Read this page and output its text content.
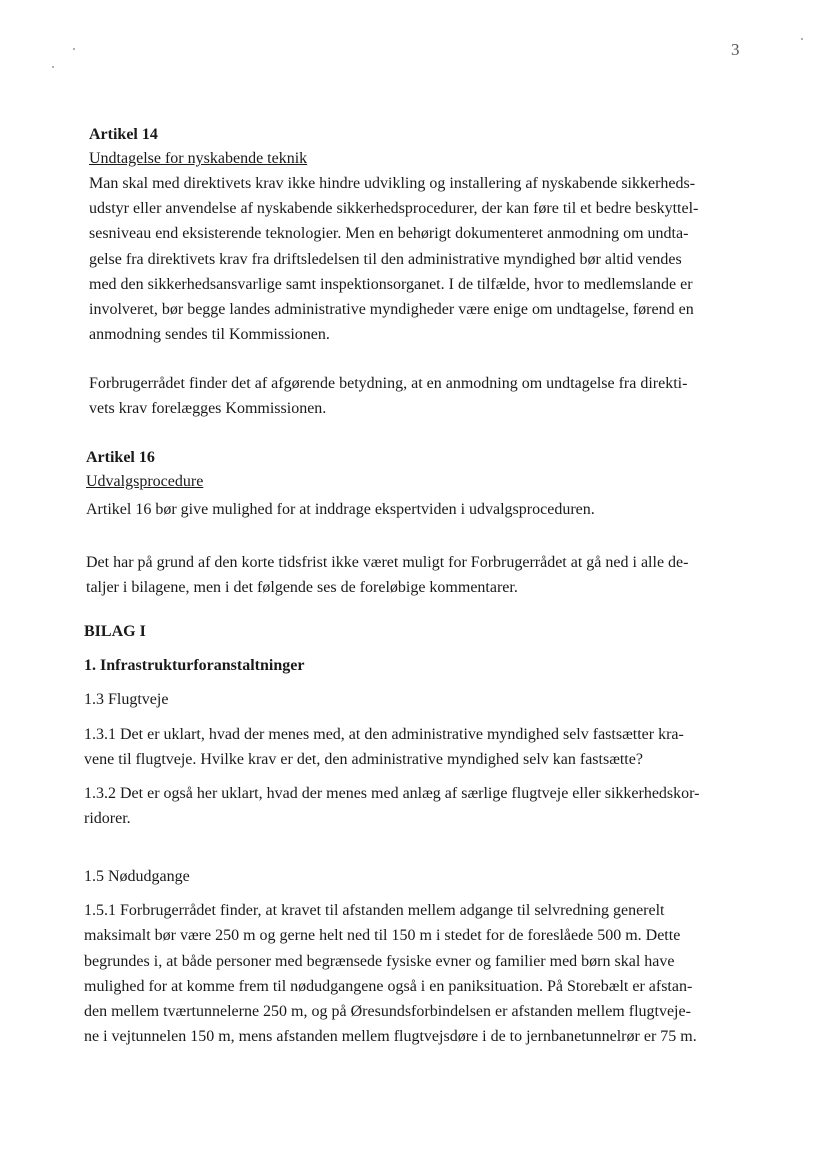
3

Artikel 14

Undtagelse for nyskabende teknik

Man skal med direktivets krav ikke hindre udvikling og installering af nyskabende sikkerheds-
udstyr eller anvendelse af nyskabende sikkerhedsprocedurer, der kan føre til et bedre beskyttel-
sesniveau end eksisterende teknologier. Men en behørigt dokumenteret anmodning om undta-
gelse fra direktivets krav fra driftsledelsen til den administrative myndighed bør altid vendes
med den sikkerhedsansvarlige samt inspektionsorganet. I de tilfælde, hvor to medlemslande er
involveret, bør begge landes administrative myndigheder være enige om undtagelse, førend en
anmodning sendes til Kommissionen.

Forbrugerrådet finder det af afgørende betydning, at en anmodning om undtagelse fra direkti-
vets krav forelægges Kommissionen.

Artikel 16

Udvalgsprocedure

Artikel 16 bør give mulighed for at inddrage ekspertviden i udvalgsproceduren.

Det har på grund af den korte tidsfrist ikke været muligt for Forbrugerrådet at gå ned i alle de-
taljer i bilagene, men i det følgende ses de foreløbige kommentarer.

BILAG I

1. Infrastrukturforanstaltninger

1.3 Flugtveje

1.3.1 Det er uklart, hvad der menes med, at den administrative myndighed selv fastsætter kra-
vene til flugtveje. Hvilke krav er det, den administrative myndighed selv kan fastsætte?

1.3.2 Det er også her uklart, hvad der menes med anlæg af særlige flugtveje eller sikkerhedskor-
ridorer.

1.5 Nødudgange

1.5.1 Forbrugerrådet finder, at kravet til afstanden mellem adgange til selvredning generelt
maksimalt bør være 250 m og gerne helt ned til 150 m i stedet for de foreslåede 500 m. Dette
begrundes i, at både personer med begrænsede fysiske evner og familier med børn skal have
mulighed for at komme frem til nødudgangene også i en paniksituation. På Storebælt er afstan-
den mellem tværtunnelerne 250 m, og på Øresundsforbindelsen er afstanden mellem flugtveje-
ne i vejtunnelen 150 m, mens afstanden mellem flugtvejsdøre i de to jernbanetunnelrør er 75 m.
